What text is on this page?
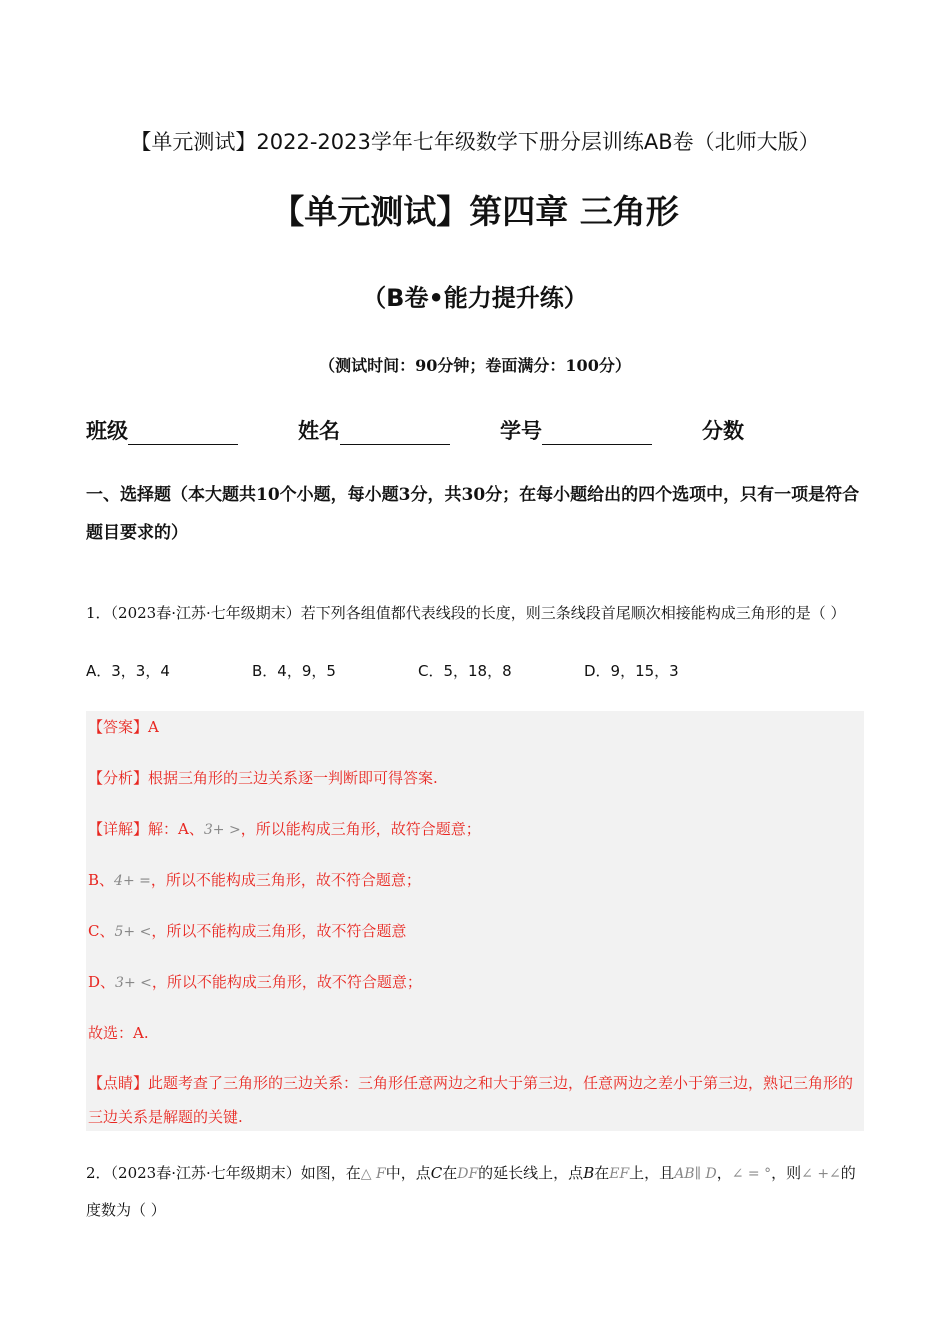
【单元测试】2022-2023学年七年级数学下册分层训练AB卷（北师大版）
【单元测试】第四章 三角形
（B卷•能力提升练）
（测试时间：90分钟；卷面满分：100分）
班级	姓名	学号	分数
一、选择题（本大题共10个小题，每小题3分，共30分；在每小题给出的四个选项中，只有一项是符合题目要求的）
1．（2023春·江苏·七年级期末）若下列各组值都代表线段的长度，则三条线段首尾顺次相接能构成三角形的是（ ）
A．3，3，4	B．4，9，5	C．5，18，8	D．9，15，3
【答案】A
【分析】根据三角形的三边关系逐一判断即可得答案.
【详解】解：A、3+ >，所以能构成三角形，故符合题意；
B、4+ =，所以不能构成三角形，故不符合题意；
C、5+ <，所以不能构成三角形，故不符合题意
D、3+ <，所以不能构成三角形，故不符合题意；
故选：A.
【点睛】此题考查了三角形的三边关系：三角形任意两边之和大于第三边，任意两边之差小于第三边，熟记三角形的三边关系是解题的关键.
2．（2023春·江苏·七年级期末）如图，在△ F中，点C在DF的延长线上，点B在EF上，且AB∥ D，∠ = °，则∠ +∠的度数为（ ）
